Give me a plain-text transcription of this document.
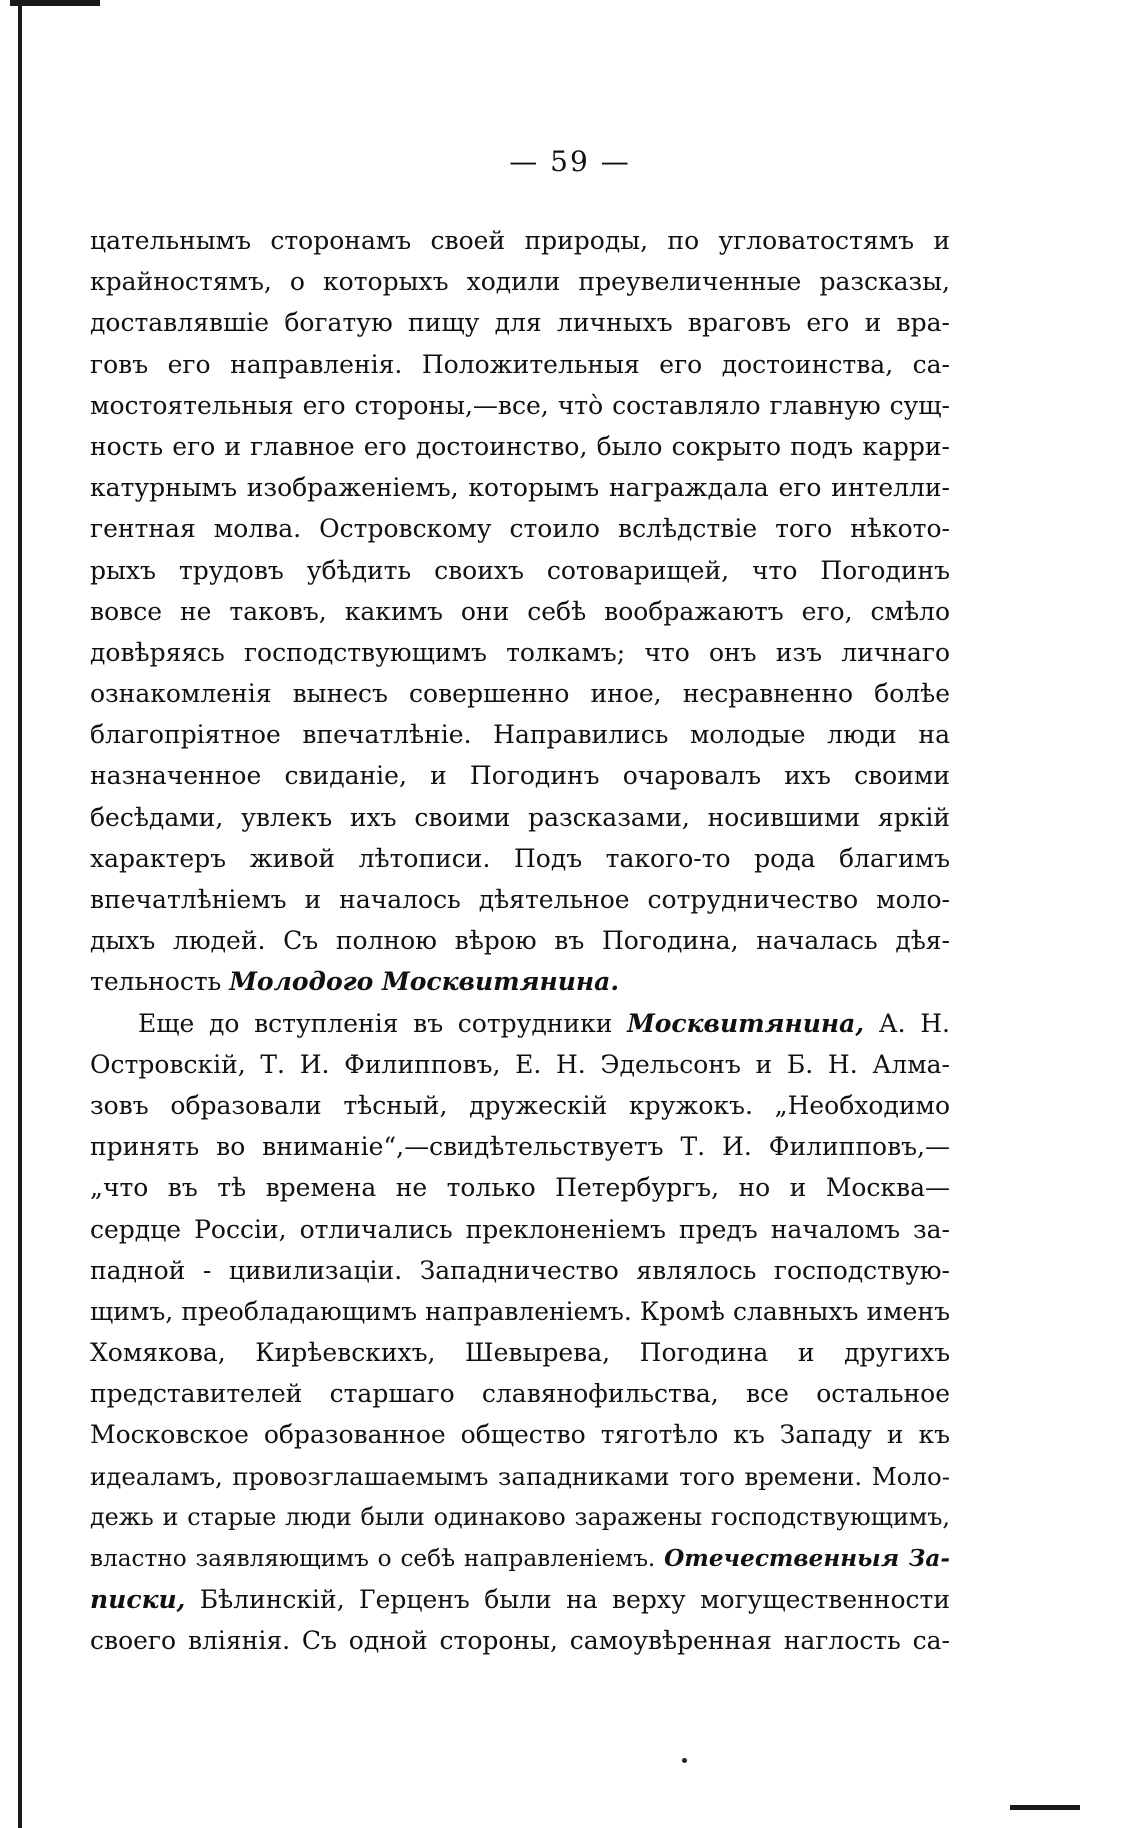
— 59 —
цательнымъ сторонамъ своей природы, по угловатостямъ и
крайностямъ, о которыхъ ходили преувеличенные разсказы,
доставлявшіе богатую пищу для личныхъ враговъ его и вра-
говъ его направленія. Положительныя его достоинства, са-
мостоятельныя его стороны,—все, что̀ составляло главную сущ-
ность его и главное его достоинство, было сокрыто подъ карри-
катурнымъ изображеніемъ, которымъ награждала его интелли-
гентная молва. Островскому стоило вслѣдствіе того нѣкото-
рыхъ трудовъ убѣдить своихъ сотоварищей, что Погодинъ
вовсе не таковъ, какимъ они себѣ воображаютъ его, смѣло
довѣряясь господствующимъ толкамъ; что онъ изъ личнаго
ознакомленія вынесъ совершенно иное, несравненно болѣе
благопріятное впечатлѣніе. Направились молодые люди на
назначенное свиданіе, и Погодинъ очаровалъ ихъ своими
бесѣдами, увлекъ ихъ своими разсказами, носившими яркій
характеръ живой лѣтописи. Подъ такого-то рода благимъ
впечатлѣніемъ и началось дѣятельное сотрудничество моло-
дыхъ людей. Съ полною вѣрою въ Погодина, началась дѣя-
тельность Молодого Москвитянина.
Еще до вступленія въ сотрудники Москвитянина, А. Н.
Островскій, Т. И. Филипповъ, Е. Н. Эдельсонъ и Б. Н. Алма-
зовъ образовали тѣсный, дружескій кружокъ. „Необходимо
принять во вниманіе“,—свидѣтельствуетъ Т. И. Филипповъ,—
„что въ тѣ времена не только Петербургъ, но и Москва—
сердце Россіи, отличались преклоненіемъ предъ началомъ за-
падной - цивилизаціи. Западничество являлось господствую-
щимъ, преобладающимъ направленіемъ. Кромѣ славныхъ именъ
Хомякова, Кирѣевскихъ, Шевырева, Погодина и другихъ
представителей старшаго славянофильства, все остальное
Московское образованное общество тяготѣло къ Западу и къ
идеаламъ, провозглашаемымъ западниками того времени. Моло-
дежь и старые люди были одинаково заражены господствующимъ,
властно заявляющимъ о себѣ направленіемъ. Отечественныя За-
писки, Бѣлинскій, Герценъ были на верху могущественности
своего вліянія. Съ одной стороны, самоувѣренная наглость са-
